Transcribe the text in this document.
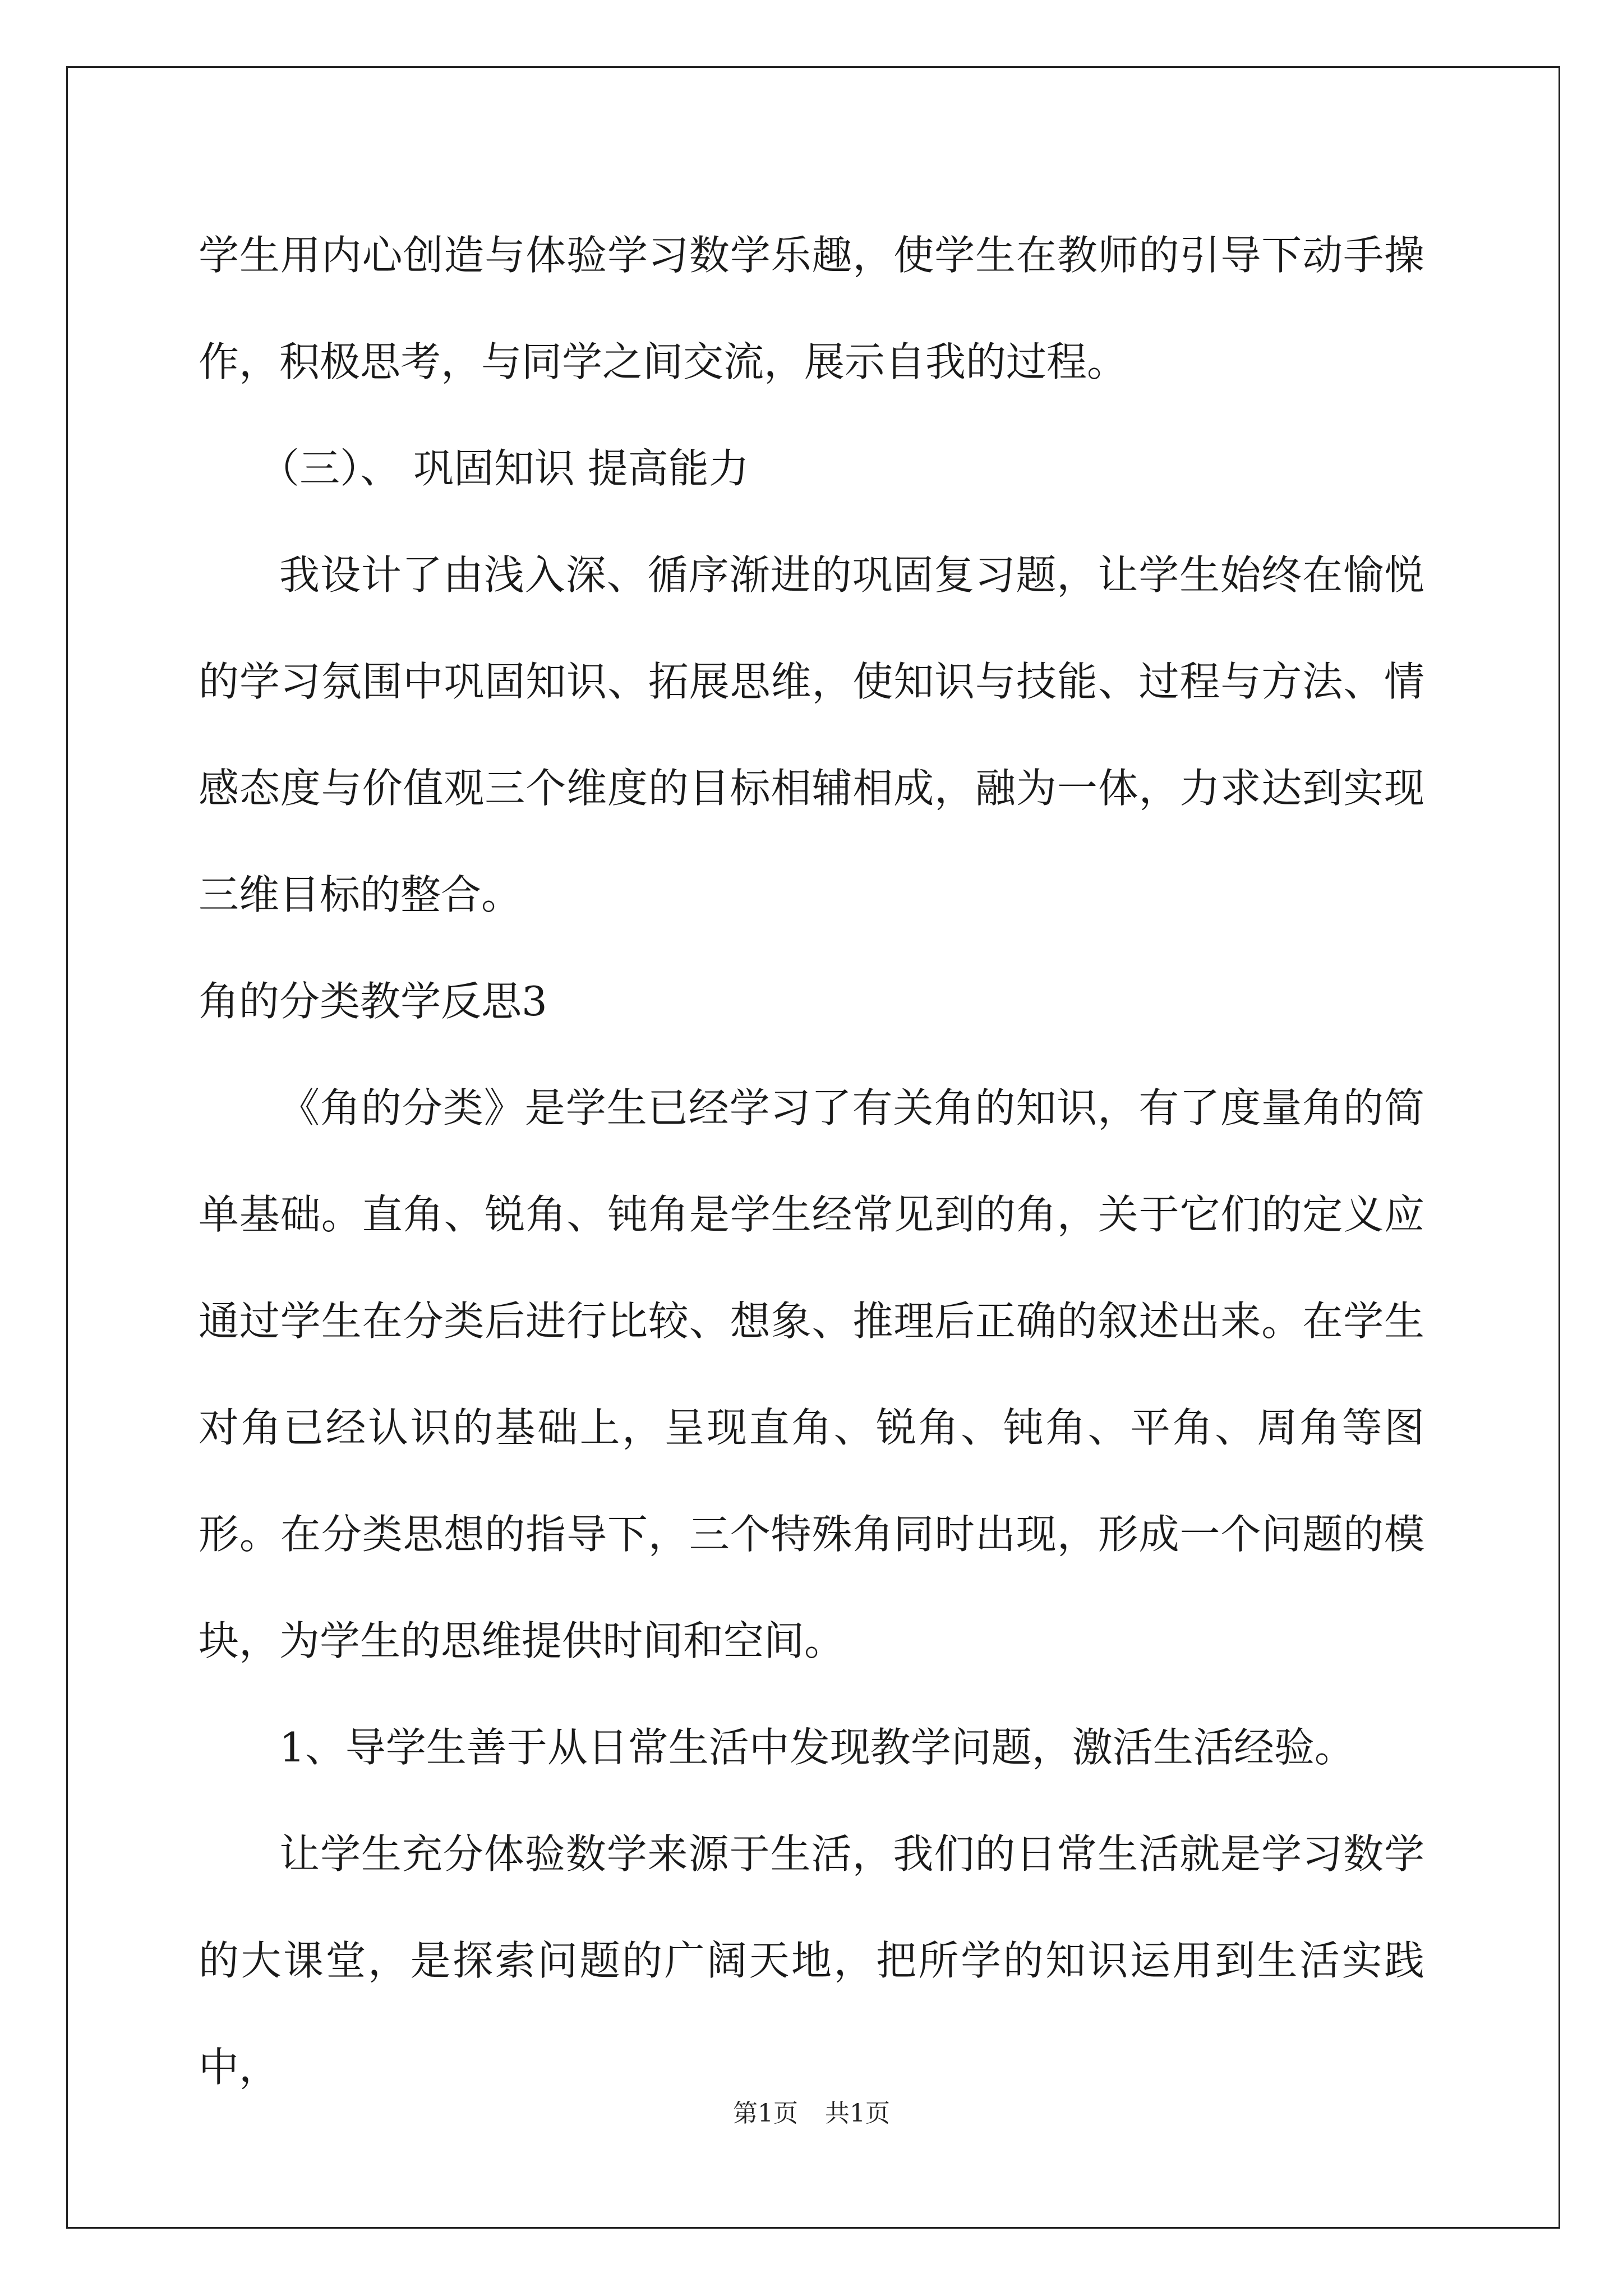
学生用内心创造与体验学习数学乐趣，使学生在教师的引导下动手操作，积极思考，与同学之间交流，展示自我的过程。

（三）、 巩固知识 提高能力

我设计了由浅入深、循序渐进的巩固复习题，让学生始终在愉悦的学习氛围中巩固知识、拓展思维，使知识与技能、过程与方法、情感态度与价值观三个维度的目标相辅相成，融为一体，力求达到实现三维目标的整合。

角的分类教学反思3

《角的分类》是学生已经学习了有关角的知识，有了度量角的简单基础。直角、锐角、钝角是学生经常见到的角，关于它们的定义应通过学生在分类后进行比较、想象、推理后正确的叙述出来。在学生对角已经认识的基础上，呈现直角、锐角、钝角、平角、周角等图形。在分类思想的指导下，三个特殊角同时出现，形成一个问题的模块，为学生的思维提供时间和空间。

1、导学生善于从日常生活中发现教学问题，激活生活经验。

让学生充分体验数学来源于生活，我们的日常生活就是学习数学的大课堂，是探索问题的广阔天地，把所学的知识运用到生活实践中，

第1页 共1页
